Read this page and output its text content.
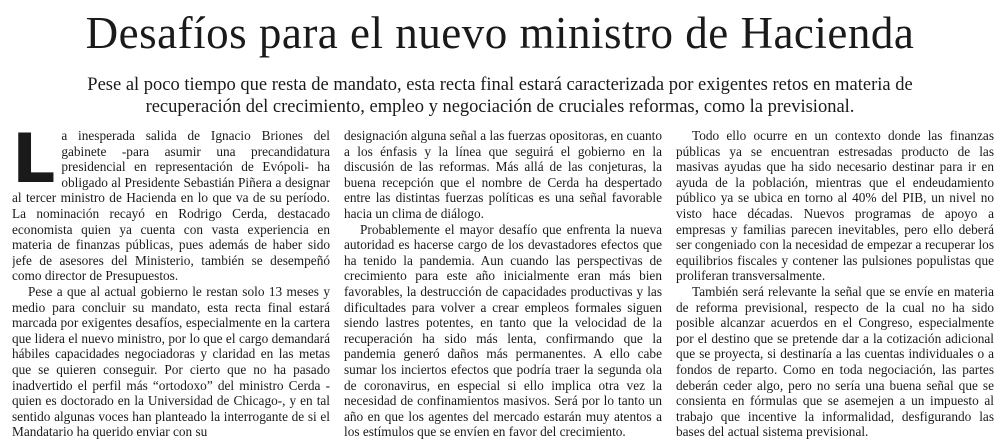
Desafíos para el nuevo ministro de Hacienda

Pese al poco tiempo que resta de mandato, esta recta final estará caracterizada por exigentes retos en materia de recuperación del crecimiento, empleo y negociación de cruciales reformas, como la previsional.

La inesperada salida de Ignacio Briones del gabinete -para asumir una precandidatura presidencial en representación de Evópoli- ha obligado al Presidente Sebastián Piñera a designar al tercer ministro de Hacienda en lo que va de su período. La nominación recayó en Rodrigo Cerda, destacado economista quien ya cuenta con vasta experiencia en materia de finanzas públicas, pues además de haber sido jefe de asesores del Ministerio, también se desempeñó como director de Presupuestos.

Pese a que al actual gobierno le restan solo 13 meses y medio para concluir su mandato, esta recta final estará marcada por exigentes desafíos, especialmente en la cartera que lidera el nuevo ministro, por lo que el cargo demandará hábiles capacidades negociadoras y claridad en las metas que se quieren conseguir. Por cierto que no ha pasado inadvertido el perfil más “ortodoxo” del ministro Cerda -quien es doctorado en la Universidad de Chicago-, y en tal sentido algunas voces han planteado la interrogante de si el Mandatario ha querido enviar con su

designación alguna señal a las fuerzas opositoras, en cuanto a los énfasis y la línea que seguirá el gobierno en la discusión de las reformas. Más allá de las conjeturas, la buena recepción que el nombre de Cerda ha despertado entre las distintas fuerzas políticas es una señal favorable hacia un clima de diálogo.

Probablemente el mayor desafío que enfrenta la nueva autoridad es hacerse cargo de los devastadores efectos que ha tenido la pandemia. Aun cuando las perspectivas de crecimiento para este año inicialmente eran más bien favorables, la destrucción de capacidades productivas y las dificultades para volver a crear empleos formales siguen siendo lastres potentes, en tanto que la velocidad de la recuperación ha sido más lenta, confirmando que la pandemia generó daños más permanentes. A ello cabe sumar los inciertos efectos que podría traer la segunda ola de coronavirus, en especial si ello implica otra vez la necesidad de confinamientos masivos. Será por lo tanto un año en que los agentes del mercado estarán muy atentos a los estímulos que se envíen en favor del crecimiento.

Todo ello ocurre en un contexto donde las finanzas públicas ya se encuentran estresadas producto de las masivas ayudas que ha sido necesario destinar para ir en ayuda de la población, mientras que el endeudamiento público ya se ubica en torno al 40% del PIB, un nivel no visto hace décadas. Nuevos programas de apoyo a empresas y familias parecen inevitables, pero ello deberá ser congeniado con la necesidad de empezar a recuperar los equilibrios fiscales y contener las pulsiones populistas que proliferan transversalmente.

También será relevante la señal que se envíe en materia de reforma previsional, respecto de la cual no ha sido posible alcanzar acuerdos en el Congreso, especialmente por el destino que se pretende dar a la cotización adicional que se proyecta, si destinaría a las cuentas individuales o a fondos de reparto. Como en toda negociación, las partes deberán ceder algo, pero no sería una buena señal que se consienta en fórmulas que se asemejen a un impuesto al trabajo que incentive la informalidad, desfigurando las bases del actual sistema previsional.
